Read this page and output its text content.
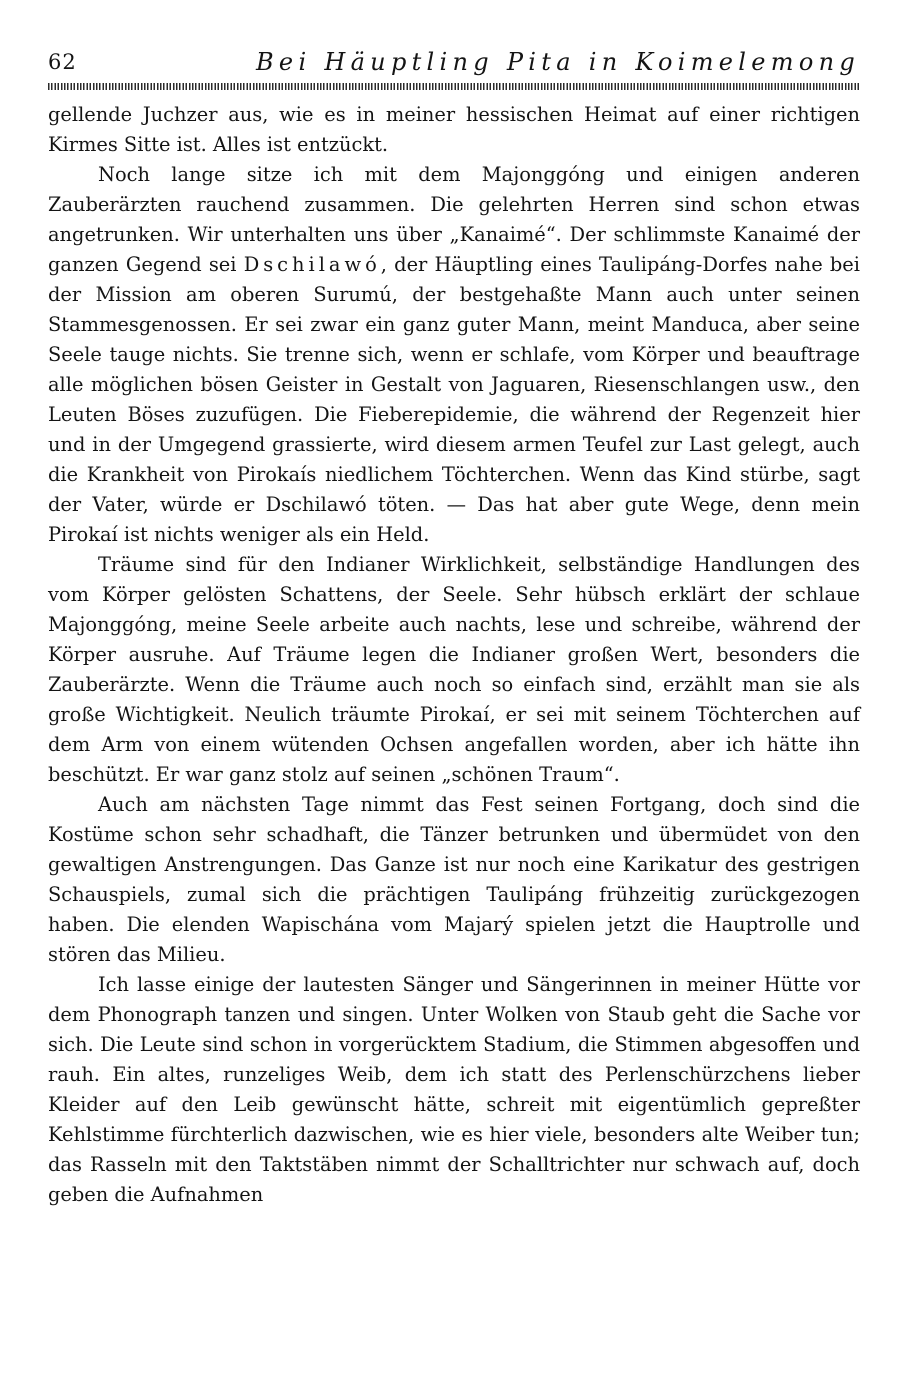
62	Bei Häuptling Pita in Koimelemong

gellende Juchzer aus, wie es in meiner hessischen Heimat auf einer richtigen Kirmes Sitte ist. Alles ist entzückt.

Noch lange sitze ich mit dem Majonggóng und einigen anderen Zauberärzten rauchend zusammen. Die gelehrten Herren sind schon etwas angetrunken. Wir unterhalten uns über „Kanaimé“. Der schlimmste Kanaimé der ganzen Gegend sei Dschilawó, der Häuptling eines Taulipáng-Dorfes nahe bei der Mission am oberen Surumú, der bestgehaßte Mann auch unter seinen Stammesgenossen. Er sei zwar ein ganz guter Mann, meint Manduca, aber seine Seele tauge nichts. Sie trenne sich, wenn er schlafe, vom Körper und beauftrage alle möglichen bösen Geister in Gestalt von Jaguaren, Riesenschlangen usw., den Leuten Böses zuzufügen. Die Fieberepidemie, die während der Regenzeit hier und in der Umgegend grassierte, wird diesem armen Teufel zur Last gelegt, auch die Krankheit von Pirokaís niedlichem Töchterchen. Wenn das Kind stürbe, sagt der Vater, würde er Dschilawó töten. — Das hat aber gute Wege, denn mein Pirokaí ist nichts weniger als ein Held.

Träume sind für den Indianer Wirklichkeit, selbständige Handlungen des vom Körper gelösten Schattens, der Seele. Sehr hübsch erklärt der schlaue Majonggóng, meine Seele arbeite auch nachts, lese und schreibe, während der Körper ausruhe. Auf Träume legen die Indianer großen Wert, besonders die Zauberärzte. Wenn die Träume auch noch so einfach sind, erzählt man sie als große Wichtigkeit. Neulich träumte Pirokaí, er sei mit seinem Töchterchen auf dem Arm von einem wütenden Ochsen angefallen worden, aber ich hätte ihn beschützt. Er war ganz stolz auf seinen „schönen Traum“.

Auch am nächsten Tage nimmt das Fest seinen Fortgang, doch sind die Kostüme schon sehr schadhaft, die Tänzer betrunken und übermüdet von den gewaltigen Anstrengungen. Das Ganze ist nur noch eine Karikatur des gestrigen Schauspiels, zumal sich die prächtigen Taulipáng frühzeitig zurückgezogen haben. Die elenden Wapischána vom Majarý spielen jetzt die Hauptrolle und stören das Milieu.

Ich lasse einige der lautesten Sänger und Sängerinnen in meiner Hütte vor dem Phonograph tanzen und singen. Unter Wolken von Staub geht die Sache vor sich. Die Leute sind schon in vorgerücktem Stadium, die Stimmen abgesoffen und rauh. Ein altes, runzeliges Weib, dem ich statt des Perlenschürzchens lieber Kleider auf den Leib gewünscht hätte, schreit mit eigentümlich gepreßter Kehlstimme fürchterlich dazwischen, wie es hier viele, besonders alte Weiber tun; das Rasseln mit den Taktstäben nimmt der Schalltrichter nur schwach auf, doch geben die Aufnahmen
